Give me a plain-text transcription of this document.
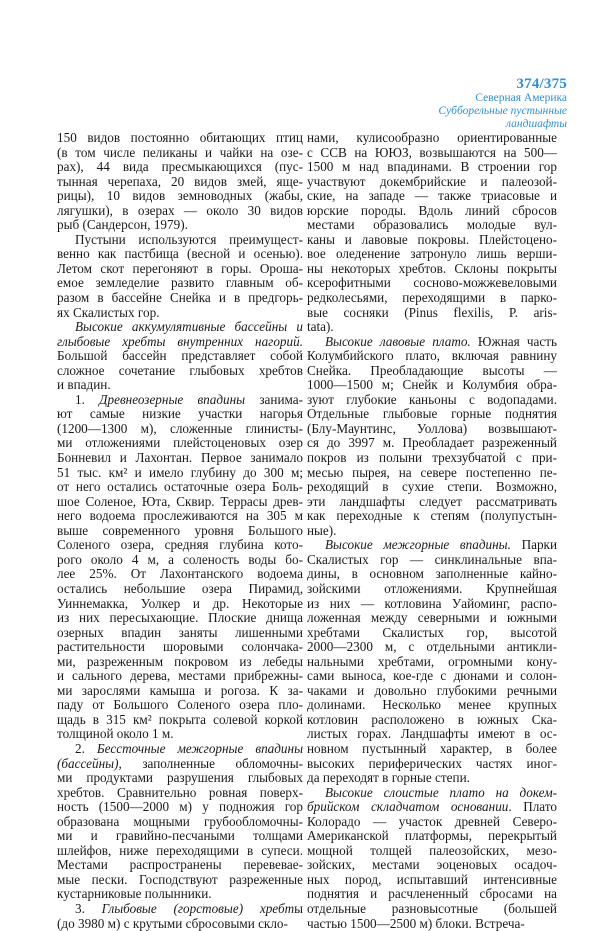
374/375
Северная Америка
Субборельные пустынные
ландшафты
150 видов постоянно обитающих птиц
(в том числе пеликаны и чайки на озе-
рах), 44 вида пресмыкающихся (пус-
тынная черепаха, 20 видов змей, яще-
рицы), 10 видов земноводных (жабы,
лягушки), в озерах — около 30 видов
рыб (Сандерсон, 1979).
Пустыни используются преимущест-
венно как пастбища (весной и осенью).
Летом скот перегоняют в горы. Ороша-
емое земледелие развито главным об-
разом в бассейне Снейка и в предгорь-
ях Скалистых гор.
Высокие аккумулятивные бассейны и
глыбовые хребты внутренних нагорий.
Большой бассейн представляет собой
сложное сочетание глыбовых хребтов
и впадин.
1. Древнеозерные впадины занима-
ют самые низкие участки нагорья
(1200—1300 м), сложенные глинисты-
ми отложениями плейстоценовых озер
Бонневил и Лахонтан. Первое занимало
51 тыс. км² и имело глубину до 300 м;
от него остались остаточные озера Боль-
шое Соленое, Юта, Сквир. Террасы древ-
него водоема прослеживаются на 305 м
выше современного уровня Большого
Соленого озера, средняя глубина кото-
рого около 4 м, а соленость воды бо-
лее 25%. От Лахонтанского водоема
остались небольшие озера Пирамид,
Уиннемакка, Уолкер и др. Некоторые
из них пересыхающие. Плоские днища
озерных впадин заняты лишенными
растительности шоровыми солончака-
ми, разреженным покровом из лебеды
и сального дерева, местами прибрежны-
ми зарослями камыша и рогоза. К за-
паду от Большого Соленого озера пло-
щадь в 315 км² покрыта солевой коркой
толщиной около 1 м.
2. Бессточные межгорные впадины
(бассейны), заполненные обломочны-
ми продуктами разрушения глыбовых
хребтов. Сравнительно ровная поверх-
ность (1500—2000 м) у подножия гор
образована мощными грубообломочны-
ми и гравийно-песчаными толщами
шлейфов, ниже переходящими в супеси.
Местами распространены перевевае-
мые пески. Господствуют разреженные
кустарниковые полынники.
3. Глыбовые (горстовые) хребты
(до 3980 м) с крутыми сбросовыми скло-
нами, кулисообразно ориентированные
с ССВ на ЮЮЗ, возвышаются на 500—
1500 м над впадинами. В строении гор
участвуют докембрийские и палеозой-
ские, на западе — также триасовые и
юрские породы. Вдоль линий сбросов
местами образовались молодые вул-
каны и лавовые покровы. Плейстоцено-
вое оледенение затронуло лишь верши-
ны некоторых хребтов. Склоны покрыты
ксерофитными сосново-можжевеловыми
редколесьями, переходящими в парко-
вые сосняки (Pinus flexilis, P. aris-
tata).
Высокие лавовые плато. Южная часть
Колумбийского плато, включая равнину
Снейка. Преобладающие высоты —
1000—1500 м; Снейк и Колумбия обра-
зуют глубокие каньоны с водопадами.
Отдельные глыбовые горные поднятия
(Блу-Маунтинс, Уоллова) возвышают-
ся до 3997 м. Преобладает разреженный
покров из полыни трехзубчатой с при-
месью пырея, на севере постепенно пе-
реходящий в сухие степи. Возможно,
эти ландшафты следует рассматривать
как переходные к степям (полупустын-
ные).
Высокие межгорные впадины. Парки
Скалистых гор — синклинальные впа-
дины, в основном заполненные кайно-
зойскими отложениями. Крупнейшая
из них — котловина Уайоминг, распо-
ложенная между северными и южными
хребтами Скалистых гор, высотой
2000—2300 м, с отдельными антикли-
нальными хребтами, огромными кону-
сами выноса, кое-где с дюнами и солон-
чаками и довольно глубокими речными
долинами. Несколько менее крупных
котловин расположено в южных Ска-
листых горах. Ландшафты имеют в ос-
новном пустынный характер, в более
высоких периферических частях иног-
да переходят в горные степи.
Высокие слоистые плато на докем-
брийском складчатом основании. Плато
Колорадо — участок древней Северо-
Американской платформы, перекрытый
мощной толщей палеозойских, мезо-
зойских, местами эоценовых осадоч-
ных пород, испытавший интенсивные
поднятия и расчлененный сбросами на
отдельные разновысотные (большей
частью 1500—2500 м) блоки. Встреча-
